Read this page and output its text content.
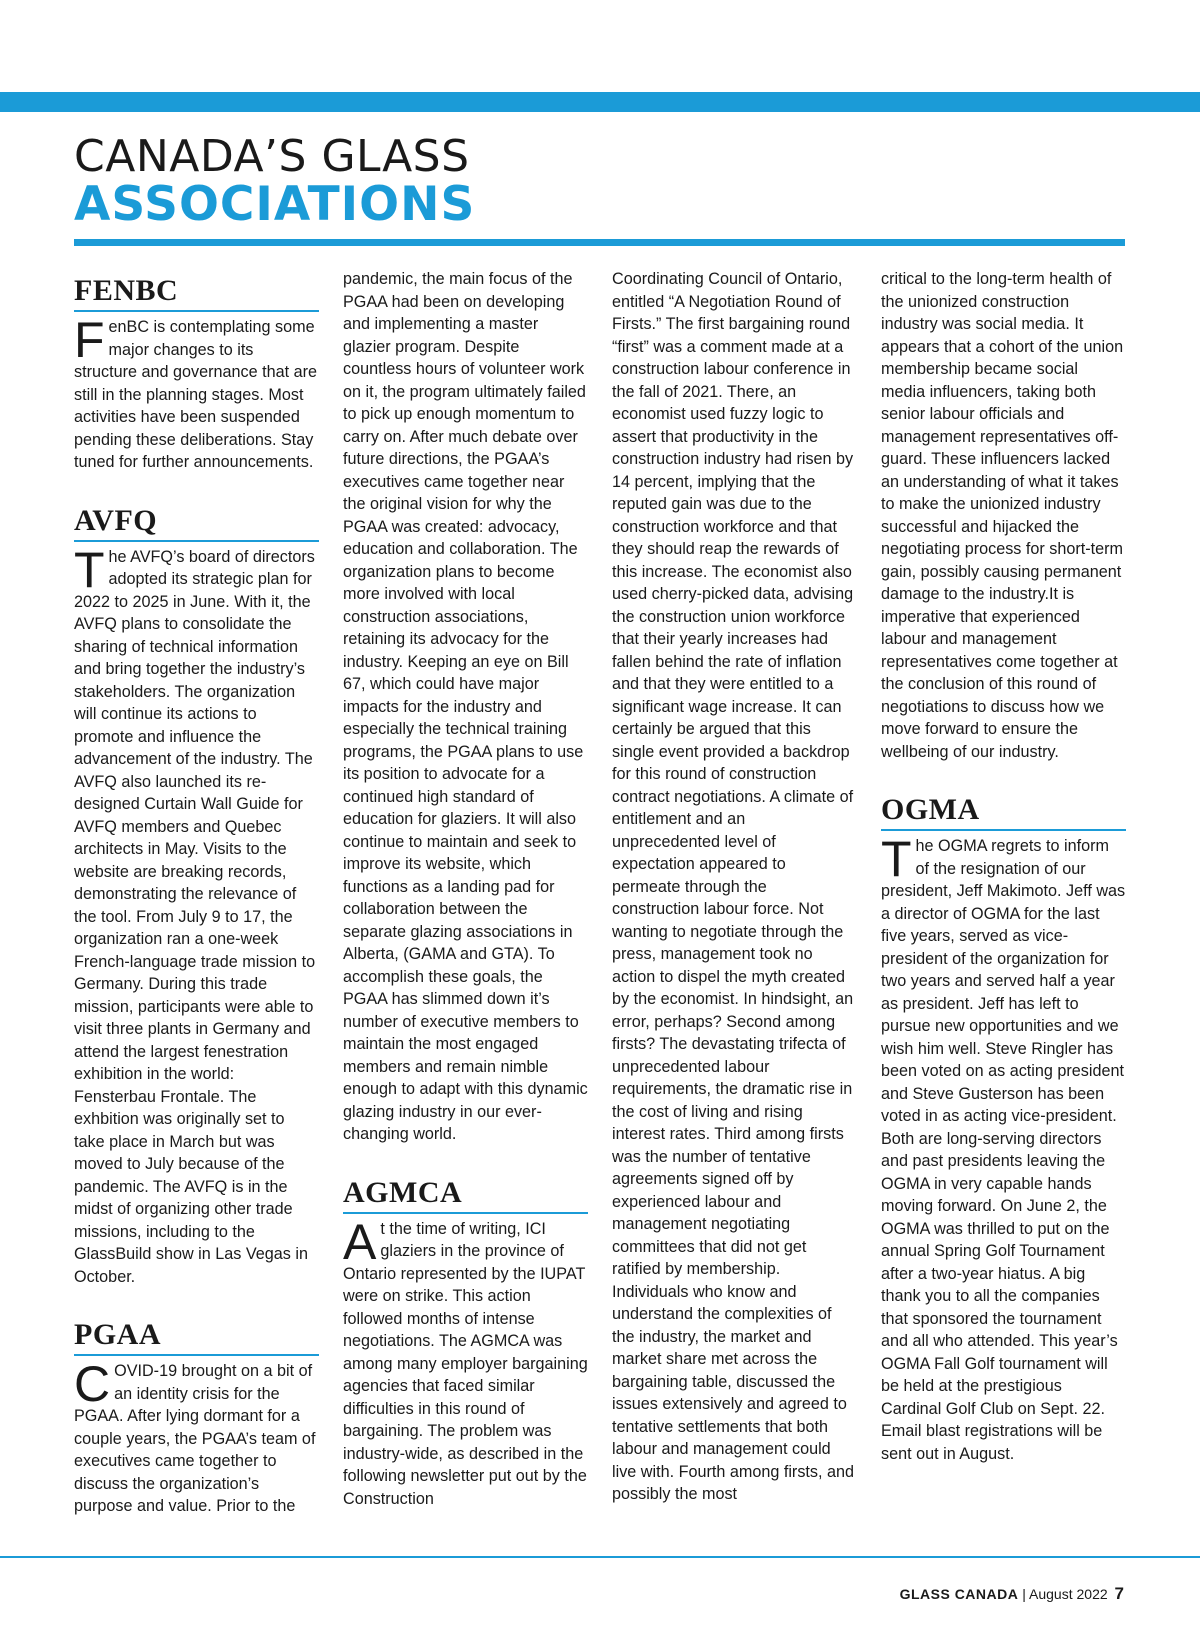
CANADA’S GLASS
ASSOCIATIONS
FENBC

FenBC is contemplating some major changes to its structure and governance that are still in the planning stages. Most activities have been suspended pending these deliberations. Stay tuned for further announcements.

AVFQ

The AVFQ’s board of directors adopted its strategic plan for 2022 to 2025 in June. With it, the AVFQ plans to consolidate the sharing of technical information and bring together the industry’s stakeholders. The organization will continue its actions to promote and influence the advancement of the industry. The AVFQ also launched its re-designed Curtain Wall Guide for AVFQ members and Quebec architects in May. Visits to the website are breaking records, demonstrating the relevance of the tool. From July 9 to 17, the organization ran a one-week French-language trade mission to Germany. During this trade mission, participants were able to visit three plants in Germany and attend the largest fenestration exhibition in the world: Fensterbau Frontale. The exhbition was originally set to take place in March but was moved to July because of the pandemic. The AVFQ is in the midst of organizing other trade missions, including to the GlassBuild show in Las Vegas in October.

PGAA

COVID-19 brought on a bit of an identity crisis for the PGAA. After lying dormant for a couple years, the PGAA’s team of executives came together to discuss the organization’s purpose and value. Prior to the

pandemic, the main focus of the PGAA had been on developing and implementing a master glazier program. Despite countless hours of volunteer work on it, the program ultimately failed to pick up enough momentum to carry on. After much debate over future directions, the PGAA’s executives came together near the original vision for why the PGAA was created: advocacy, education and collaboration. The organization plans to become more involved with local construction associations, retaining its advocacy for the industry. Keeping an eye on Bill 67, which could have major impacts for the industry and especially the technical training programs, the PGAA plans to use its position to advocate for a continued high standard of education for glaziers. It will also continue to maintain and seek to improve its website, which functions as a landing pad for collaboration between the separate glazing associations in Alberta, (GAMA and GTA). To accomplish these goals, the PGAA has slimmed down it’s number of executive members to maintain the most engaged members and remain nimble enough to adapt with this dynamic glazing industry in our ever-changing world.

AGMCA

At the time of writing, ICI glaziers in the province of Ontario represented by the IUPAT were on strike. This action followed months of intense negotiations. The AGMCA was among many employer bargaining agencies that faced similar difficulties in this round of bargaining. The problem was industry-wide, as described in the following newsletter put out by the Construction

Coordinating Council of Ontario, entitled “A Negotiation Round of Firsts.” The first bargaining round “first” was a comment made at a construction labour conference in the fall of 2021. There, an economist used fuzzy logic to assert that productivity in the construction industry had risen by 14 percent, implying that the reputed gain was due to the construction workforce and that they should reap the rewards of this increase. The economist also used cherry-picked data, advising the construction union workforce that their yearly increases had fallen behind the rate of inflation and that they were entitled to a significant wage increase. It can certainly be argued that this single event provided a backdrop for this round of construction contract negotiations. A climate of entitlement and an unprecedented level of expectation appeared to permeate through the construction labour force. Not wanting to negotiate through the press, management took no action to dispel the myth created by the economist. In hindsight, an error, perhaps? Second among firsts? The devastating trifecta of unprecedented labour requirements, the dramatic rise in the cost of living and rising interest rates. Third among firsts was the number of tentative agreements signed off by experienced labour and management negotiating committees that did not get ratified by membership. Individuals who know and understand the complexities of the industry, the market and market share met across the bargaining table, discussed the issues extensively and agreed to tentative settlements that both labour and management could live with. Fourth among firsts, and possibly the most

critical to the long-term health of the unionized construction industry was social media. It appears that a cohort of the union membership became social media influencers, taking both senior labour officials and management representatives off-guard. These influencers lacked an understanding of what it takes to make the unionized industry successful and hijacked the negotiating process for short-term gain, possibly causing permanent damage to the industry.It is imperative that experienced labour and management representatives come together at the conclusion of this round of negotiations to discuss how we move forward to ensure the wellbeing of our industry.

OGMA

The OGMA regrets to inform of the resignation of our president, Jeff Makimoto. Jeff was a director of OGMA for the last five years, served as vice-president of the organization for two years and served half a year as president. Jeff has left to pursue new opportunities and we wish him well. Steve Ringler has been voted on as acting president and Steve Gusterson has been voted in as acting vice-president. Both are long-serving directors and past presidents leaving the OGMA in very capable hands moving forward. On June 2, the OGMA was thrilled to put on the annual Spring Golf Tournament after a two-year hiatus. A big thank you to all the companies that sponsored the tournament and all who attended. This year’s OGMA Fall Golf tournament will be held at the prestigious Cardinal Golf Club on Sept. 22. Email blast registrations will be sent out in August.

GLASS CANADA | August 2022 7
